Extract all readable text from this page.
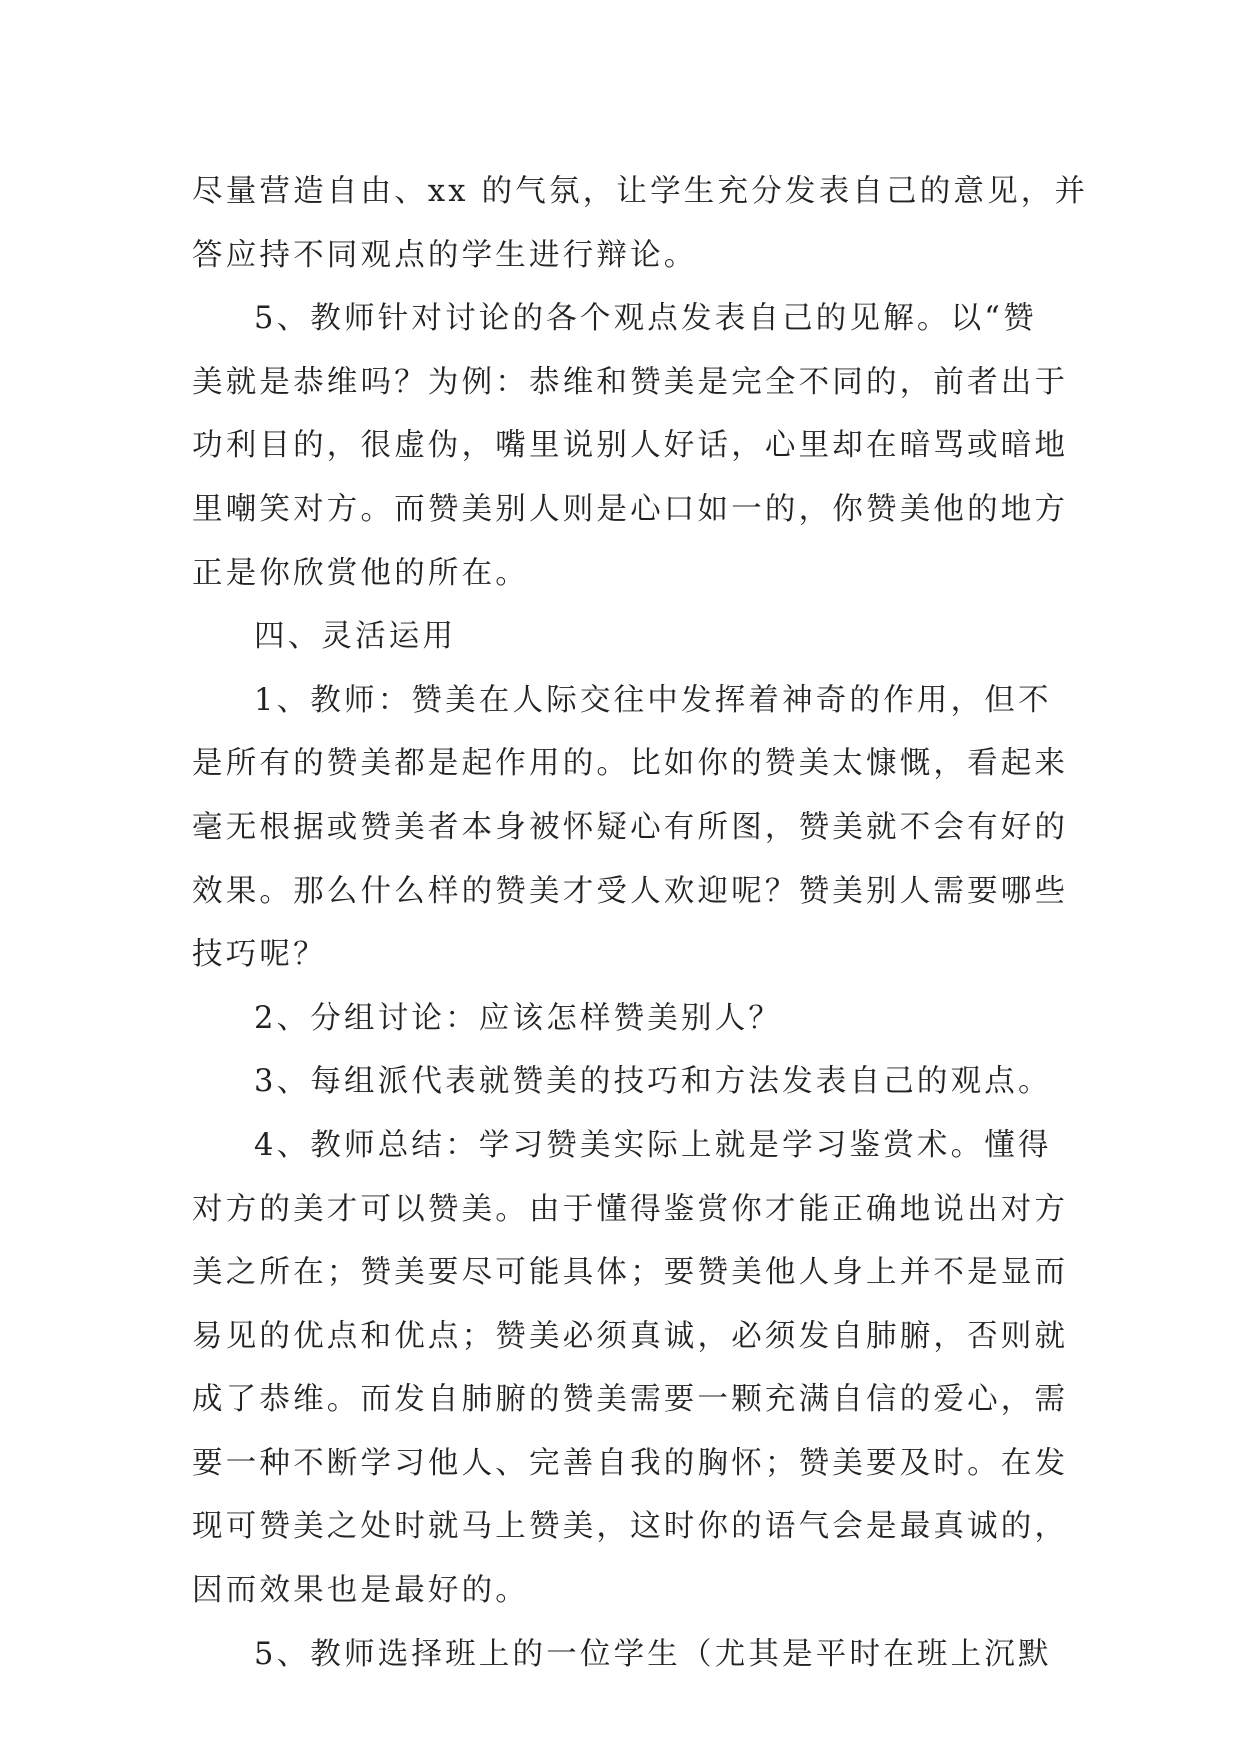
尽量营造自由、xx 的气氛，让学生充分发表自己的意见，并
答应持不同观点的学生进行辩论。
5、教师针对讨论的各个观点发表自己的见解。以“赞
美就是恭维吗？为例：恭维和赞美是完全不同的，前者出于
功利目的，很虚伪，嘴里说别人好话，心里却在暗骂或暗地
里嘲笑对方。而赞美别人则是心口如一的，你赞美他的地方
正是你欣赏他的所在。
四、灵活运用
1、教师：赞美在人际交往中发挥着神奇的作用，但不
是所有的赞美都是起作用的。比如你的赞美太慷慨，看起来
毫无根据或赞美者本身被怀疑心有所图，赞美就不会有好的
效果。那么什么样的赞美才受人欢迎呢？赞美别人需要哪些
技巧呢？
2、分组讨论：应该怎样赞美别人？
3、每组派代表就赞美的技巧和方法发表自己的观点。
4、教师总结：学习赞美实际上就是学习鉴赏术。懂得
对方的美才可以赞美。由于懂得鉴赏你才能正确地说出对方
美之所在；赞美要尽可能具体；要赞美他人身上并不是显而
易见的优点和优点；赞美必须真诚，必须发自肺腑，否则就
成了恭维。而发自肺腑的赞美需要一颗充满自信的爱心，需
要一种不断学习他人、完善自我的胸怀；赞美要及时。在发
现可赞美之处时就马上赞美，这时你的语气会是最真诚的，
因而效果也是最好的。
5、教师选择班上的一位学生（尤其是平时在班上沉默
